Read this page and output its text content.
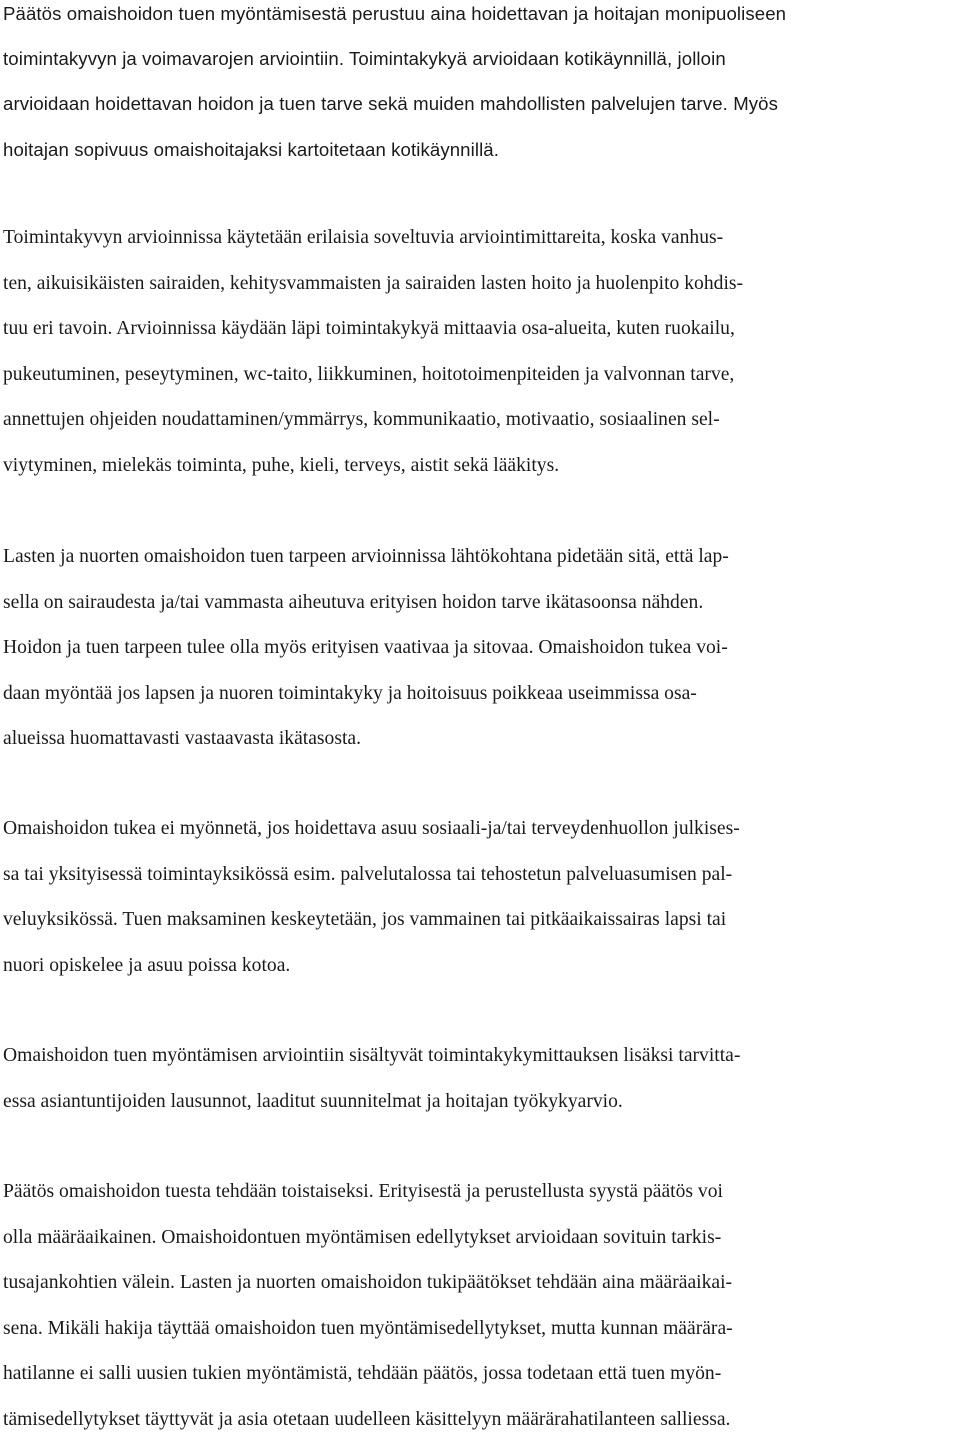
Päätös omaishoidon tuen myöntämisestä perustuu aina hoidettavan ja hoitajan monipuoliseen
toimintakyvyn ja voimavarojen arviointiin. Toimintakykyä arvioidaan kotikäynnillä, jolloin
arvioidaan hoidettavan hoidon ja tuen tarve sekä muiden mahdollisten palvelujen tarve. Myös
hoitajan sopivuus omaishoitajaksi kartoitetaan kotikäynnillä.

Toimintakyvyn arvioinnissa käytetään erilaisia soveltuvia arviointimittareita, koska vanhus-
ten, aikuisikäisten sairaiden, kehitysvammaisten ja sairaiden lasten hoito ja huolenpito kohdis-
tuu eri tavoin. Arvioinnissa käydään läpi toimintakykyä mittaavia osa-alueita, kuten ruokailu,
pukeutuminen, peseytyminen, wc-taito, liikkuminen, hoitotoimenpiteiden ja valvonnan tarve,
annettujen ohjeiden noudattaminen/ymmärrys, kommunikaatio, motivaatio, sosiaalinen sel-
viytyminen, mielekäs toiminta, puhe, kieli, terveys, aistit sekä lääkitys.

Lasten ja nuorten omaishoidon tuen tarpeen arvioinnissa lähtökohtana pidetään sitä, että lap-
sella on sairaudesta ja/tai vammasta aiheutuva erityisen hoidon tarve ikätasoonsa nähden.
Hoidon ja tuen tarpeen tulee olla myös erityisen vaativaa ja sitovaa. Omaishoidon tukea voi-
daan myöntää jos lapsen ja nuoren toimintakyky ja hoitoisuus poikkeaa useimmissa osa-
alueissa huomattavasti vastaavasta ikätasosta.

Omaishoidon tukea ei myönnetä, jos hoidettava asuu sosiaali-ja/tai terveydenhuollon julkises-
sa tai yksityisessä toimintayksikössä esim. palvelutalossa tai tehostetun palveluasumisen pal-
veluyksikössä. Tuen maksaminen keskeytetään, jos vammainen tai pitkäaikaissairas lapsi tai
nuori opiskelee ja asuu poissa kotoa.

Omaishoidon tuen myöntämisen arviointiin sisältyvät toimintakykymittauksen lisäksi tarvitta-
essa asiantuntijoiden lausunnot, laaditut suunnitelmat ja hoitajan työkykyarvio.

Päätös omaishoidon tuesta tehdään toistaiseksi. Erityisestä ja perustellusta syystä päätös voi
olla määräaikainen. Omaishoidontuen myöntämisen edellytykset arvioidaan sovituin tarkis-
tusajankohtien välein. Lasten ja nuorten omaishoidon tukipäätökset tehdään aina määräaikai-
sena. Mikäli hakija täyttää omaishoidon tuen myöntämisedellytykset, mutta kunnan määrära-
hatilanne ei salli uusien tukien myöntämistä, tehdään päätös, jossa todetaan että tuen myön-
tämisedellytykset täyttyvät ja asia otetaan uudelleen käsittelyyn määrärahatilanteen salliessa.
